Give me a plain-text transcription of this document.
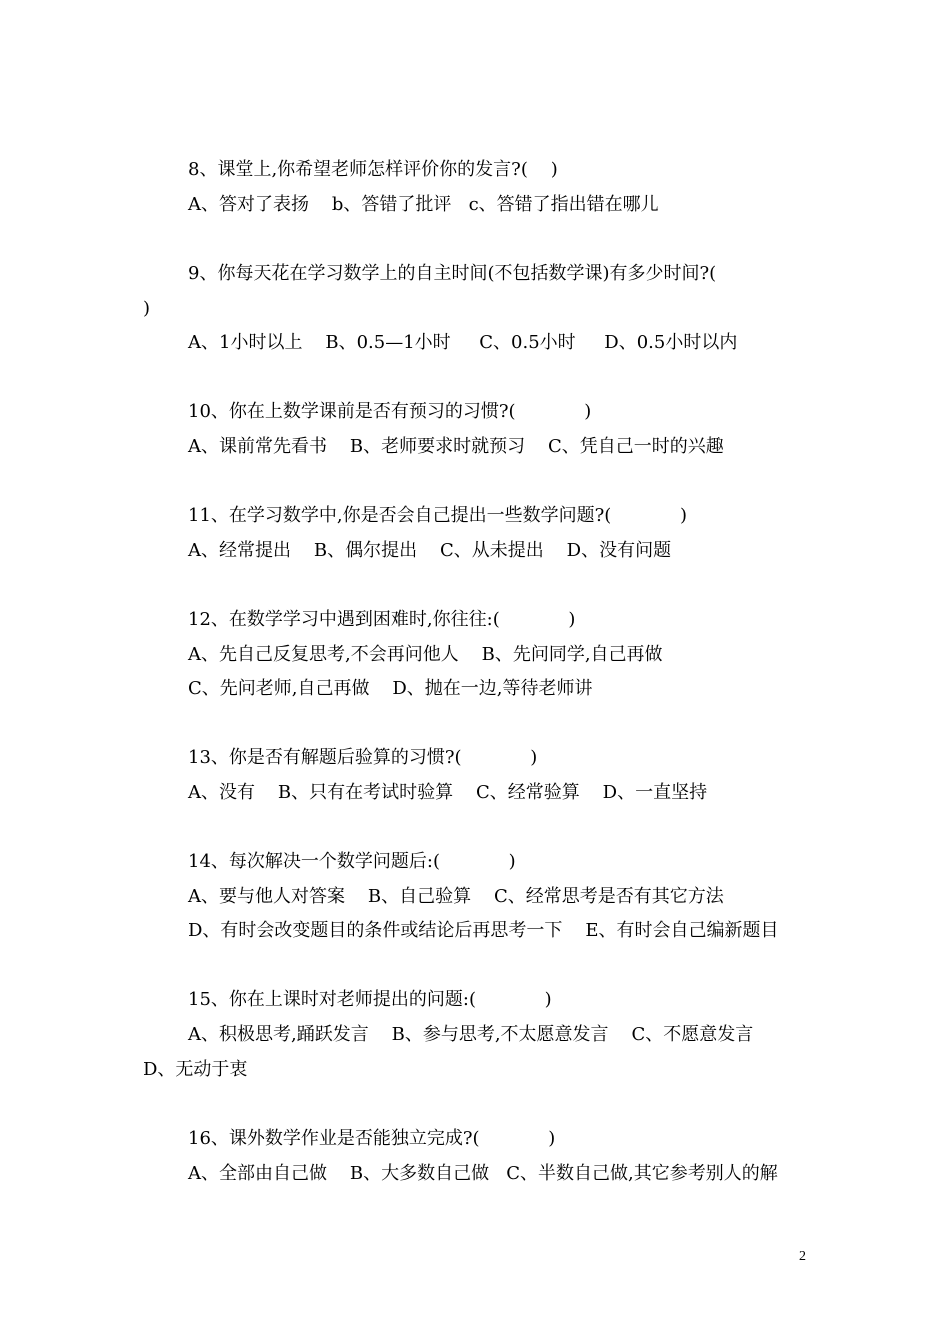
8、课堂上,你希望老师怎样评价你的发言?(    )
A、答对了表扬    b、答错了批评   c、答错了指出错在哪儿
9、你每天花在学习数学上的自主时间(不包括数学课)有多少时间?(
)
A、1小时以上    B、0.5—1小时     C、0.5小时     D、0.5小时以内
10、你在上数学课前是否有预习的习惯?(            )
A、课前常先看书    B、老师要求时就预习    C、凭自己一时的兴趣
11、在学习数学中,你是否会自己提出一些数学问题?(            )
A、经常提出    B、偶尔提出    C、从未提出    D、没有问题
12、在数学学习中遇到困难时,你往往:(            )
A、先自己反复思考,不会再问他人    B、先问同学,自己再做
C、先问老师,自己再做    D、抛在一边,等待老师讲
13、你是否有解题后验算的习惯?(            )
A、没有    B、只有在考试时验算    C、经常验算    D、一直坚持
14、每次解决一个数学问题后:(            )
A、要与他人对答案    B、自己验算    C、经常思考是否有其它方法
D、有时会改变题目的条件或结论后再思考一下    E、有时会自己编新题目
15、你在上课时对老师提出的问题:(            )
A、积极思考,踊跃发言    B、参与思考,不太愿意发言    C、不愿意发言
D、无动于衷
16、课外数学作业是否能独立完成?(            )
A、全部由自己做    B、大多数自己做   C、半数自己做,其它参考别人的解
2
